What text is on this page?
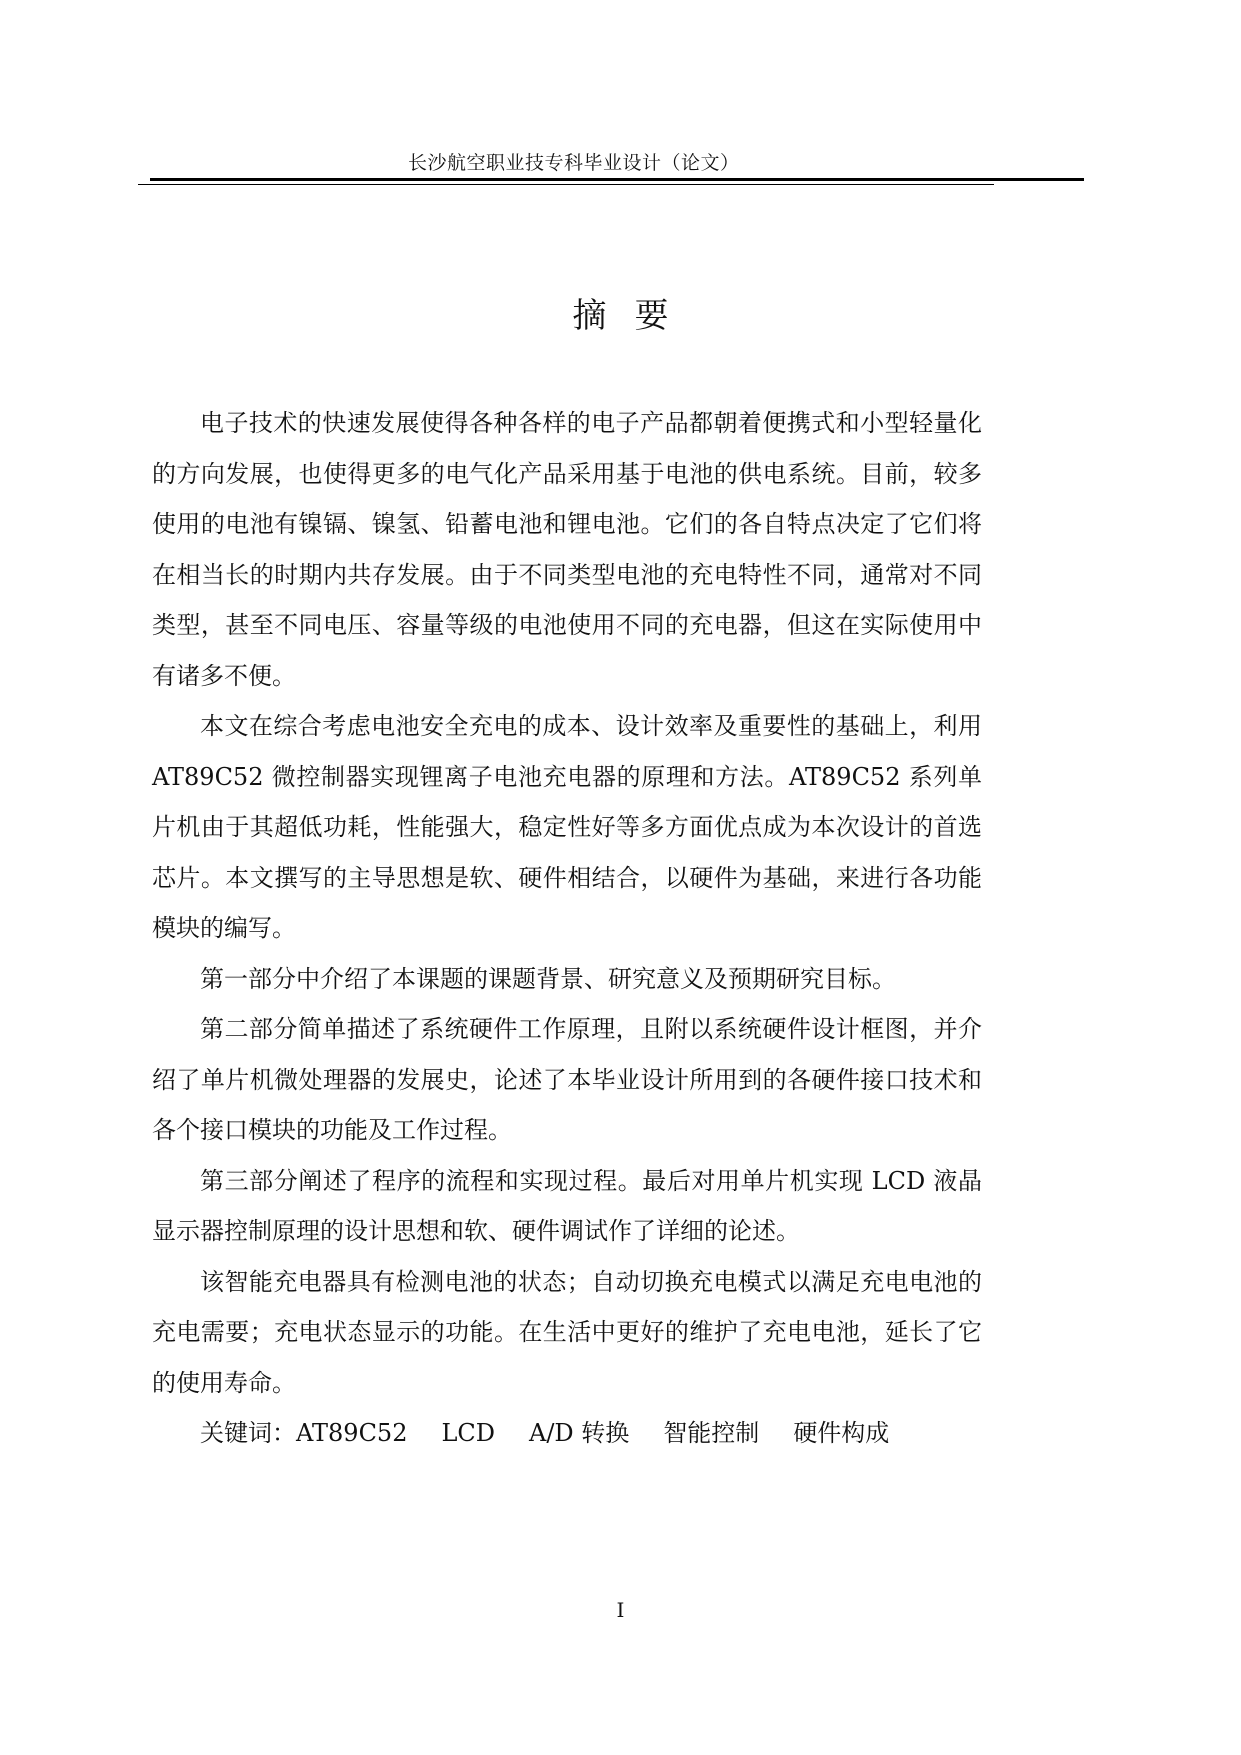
长沙航空职业技专科毕业设计（论文）
摘要

电子技术的快速发展使得各种各样的电子产品都朝着便携式和小型轻量化的方向发展，也使得更多的电气化产品采用基于电池的供电系统。目前，较多使用的电池有镍镉、镍氢、铅蓄电池和锂电池。它们的各自特点决定了它们将在相当长的时期内共存发展。由于不同类型电池的充电特性不同，通常对不同类型，甚至不同电压、容量等级的电池使用不同的充电器，但这在实际使用中有诸多不便。

本文在综合考虑电池安全充电的成本、设计效率及重要性的基础上，利用 AT89C52 微控制器实现锂离子电池充电器的原理和方法。AT89C52 系列单片机由于其超低功耗，性能强大，稳定性好等多方面优点成为本次设计的首选芯片。本文撰写的主导思想是软、硬件相结合，以硬件为基础，来进行各功能模块的编写。

第一部分中介绍了本课题的课题背景、研究意义及预期研究目标。

第二部分简单描述了系统硬件工作原理，且附以系统硬件设计框图，并介绍了单片机微处理器的发展史，论述了本毕业设计所用到的各硬件接口技术和各个接口模块的功能及工作过程。

第三部分阐述了程序的流程和实现过程。最后对用单片机实现 LCD 液晶显示器控制原理的设计思想和软、硬件调试作了详细的论述。

该智能充电器具有检测电池的状态；自动切换充电模式以满足充电电池的充电需要；充电状态显示的功能。在生活中更好的维护了充电电池，延长了它的使用寿命。

关键词：AT89C52 LCD A/D 转换 智能控制 硬件构成

I
